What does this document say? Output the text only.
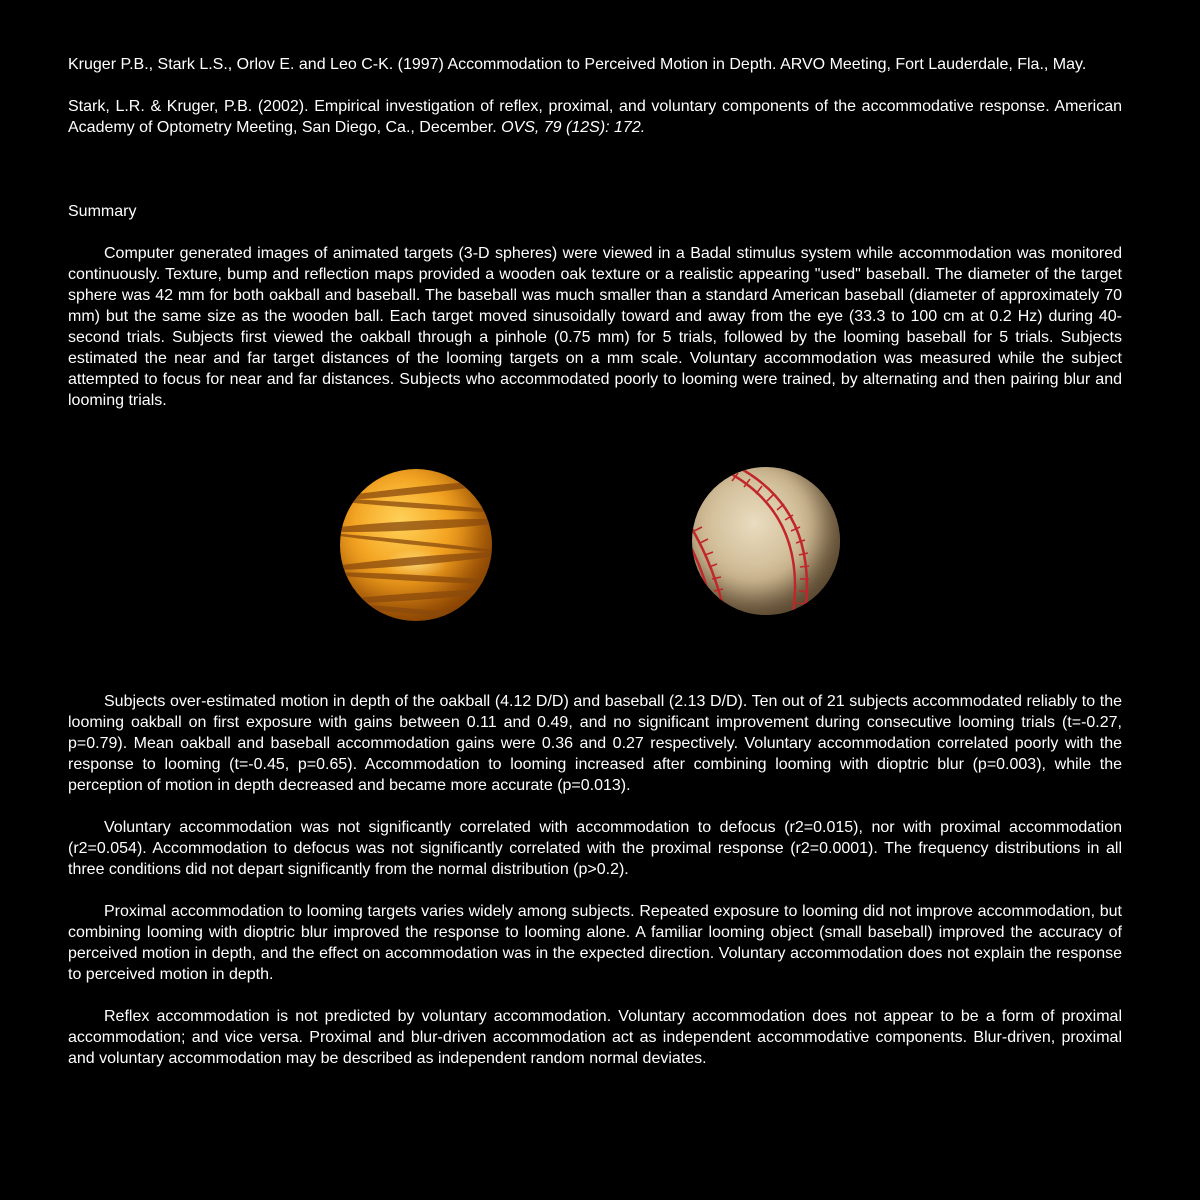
Kruger P.B., Stark L.S., Orlov E. and Leo C-K. (1997) Accommodation to Perceived Motion in Depth. ARVO Meeting, Fort Lauderdale, Fla., May.

Stark, L.R. & Kruger, P.B. (2002). Empirical investigation of reflex, proximal, and voluntary components of the accommodative response. American Academy of Optometry Meeting, San Diego, Ca., December. OVS, 79 (12S): 172.

Summary

Computer generated images of animated targets (3-D spheres) were viewed in a Badal stimulus system while accommodation was monitored continuously. Texture, bump and reflection maps provided a wooden oak texture or a realistic appearing "used" baseball. The diameter of the target sphere was 42 mm for both oakball and baseball. The baseball was much smaller than a standard American baseball (diameter of approximately 70 mm) but the same size as the wooden ball. Each target moved sinusoidally toward and away from the eye (33.3 to 100 cm at 0.2 Hz) during 40-second trials. Subjects first viewed the oakball through a pinhole (0.75 mm) for 5 trials, followed by the looming baseball for 5 trials. Subjects estimated the near and far target distances of the looming targets on a mm scale. Voluntary accommodation was measured while the subject attempted to focus for near and far distances. Subjects who accommodated poorly to looming were trained, by alternating and then pairing blur and looming trials.

Subjects over-estimated motion in depth of the oakball (4.12 D/D) and baseball (2.13 D/D). Ten out of 21 subjects accommodated reliably to the looming oakball on first exposure with gains between 0.11 and 0.49, and no significant improvement during consecutive looming trials (t=-0.27, p=0.79). Mean oakball and baseball accommodation gains were 0.36 and 0.27 respectively. Voluntary accommodation correlated poorly with the response to looming (t=-0.45, p=0.65). Accommodation to looming increased after combining looming with dioptric blur (p=0.003), while the perception of motion in depth decreased and became more accurate (p=0.013).

Voluntary accommodation was not significantly correlated with accommodation to defocus (r2=0.015), nor with proximal accommodation (r2=0.054). Accommodation to defocus was not significantly correlated with the proximal response (r2=0.0001). The frequency distributions in all three conditions did not depart significantly from the normal distribution (p>0.2).

Proximal accommodation to looming targets varies widely among subjects. Repeated exposure to looming did not improve accommodation, but combining looming with dioptric blur improved the response to looming alone. A familiar looming object (small baseball) improved the accuracy of perceived motion in depth, and the effect on accommodation was in the expected direction. Voluntary accommodation does not explain the response to perceived motion in depth.

Reflex accommodation is not predicted by voluntary accommodation. Voluntary accommodation does not appear to be a form of proximal accommodation; and vice versa. Proximal and blur-driven accommodation act as independent accommodative components. Blur-driven, proximal and voluntary accommodation may be described as independent random normal deviates.
